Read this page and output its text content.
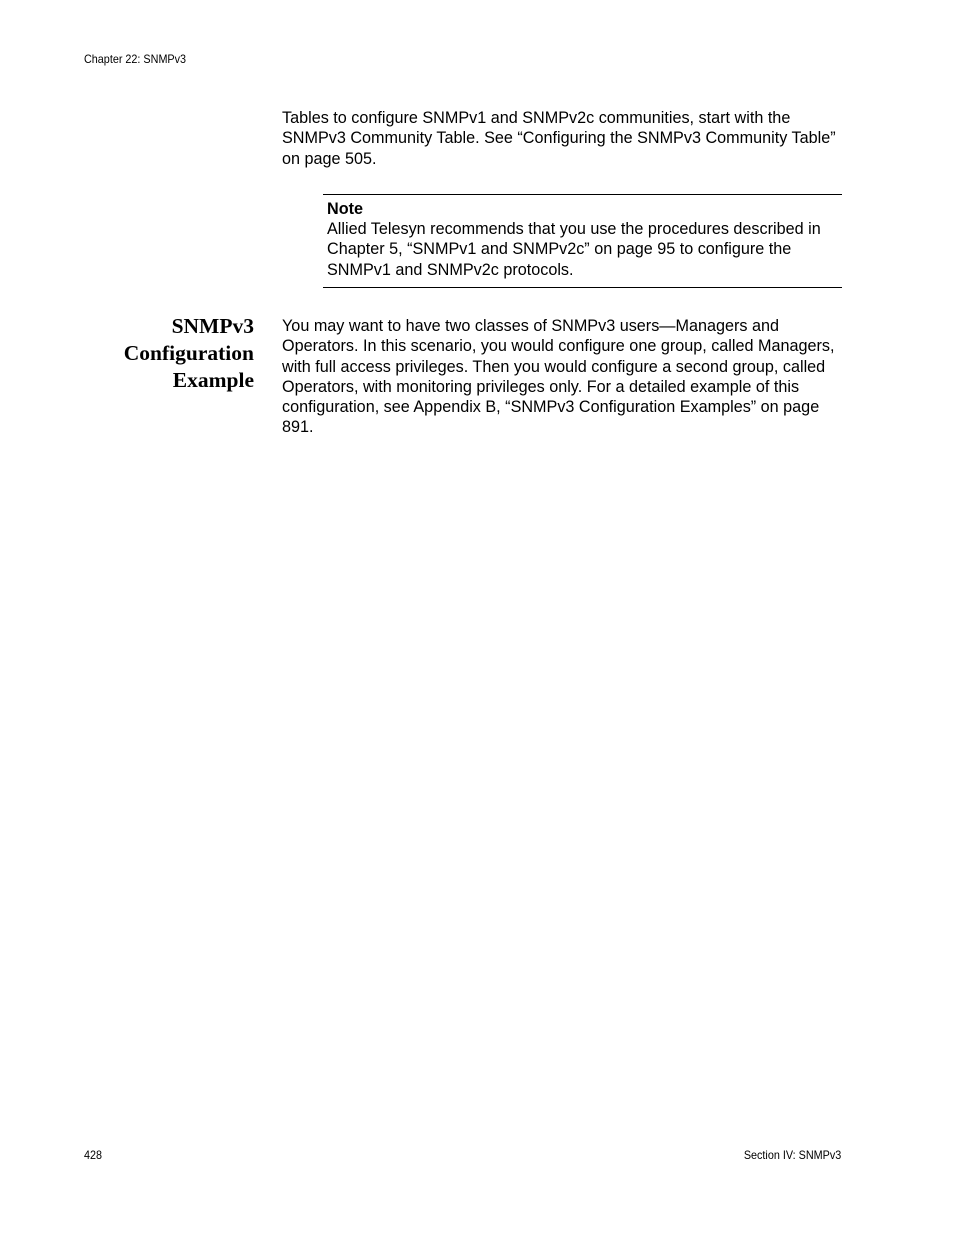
Chapter 22: SNMPv3

Tables to configure SNMPv1 and SNMPv2c communities, start with the SNMPv3 Community Table. See “Configuring the SNMPv3 Community Table” on page 505.

Note

Allied Telesyn recommends that you use the procedures described in Chapter 5, “SNMPv1 and SNMPv2c” on page 95 to configure the SNMPv1 and SNMPv2c protocols.

SNMPv3
Configuration
Example

You may want to have two classes of SNMPv3 users—Managers and Operators. In this scenario, you would configure one group, called Managers, with full access privileges. Then you would configure a second group, called Operators, with monitoring privileges only. For a detailed example of this configuration, see Appendix B, “SNMPv3 Configuration Examples” on page 891.

428	Section IV: SNMPv3
